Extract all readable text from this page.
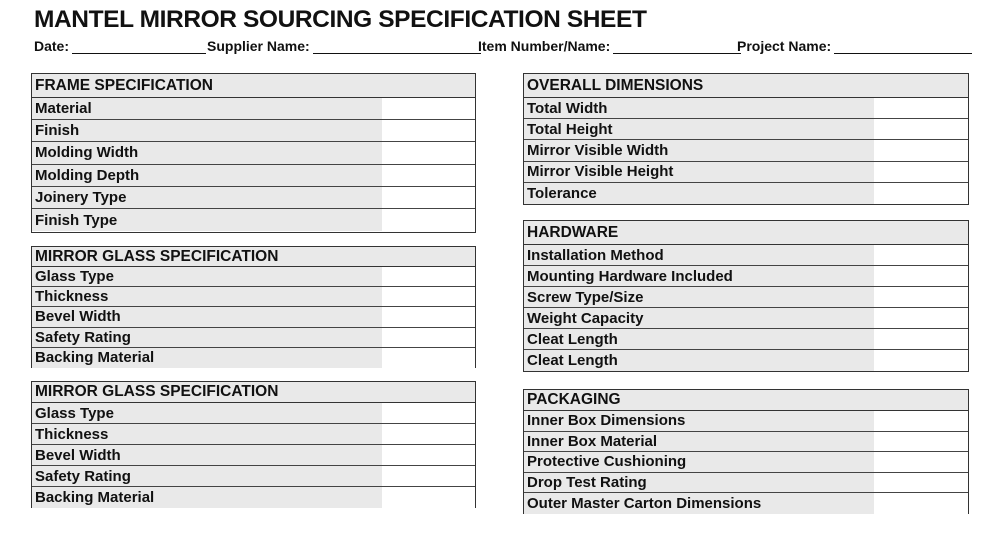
MANTEL MIRROR SOURCING SPECIFICATION SHEET
Date:	Supplier Name:	Item Number/Name:	Project Name:
FRAME SPECIFICATION
Material
Finish
Molding Width
Molding Depth
Joinery Type
Finish Type
MIRROR GLASS SPECIFICATION
Glass Type
Thickness
Bevel Width
Safety Rating
Backing Material
MIRROR GLASS SPECIFICATION
Glass Type
Thickness
Bevel Width
Safety Rating
Backing Material
OVERALL DIMENSIONS
Total Width
Total Height
Mirror Visible Width
Mirror Visible Height
Tolerance
HARDWARE
Installation Method
Mounting Hardware Included
Screw Type/Size
Weight Capacity
Cleat Length
Cleat Length
PACKAGING
Inner Box Dimensions
Inner Box Material
Protective Cushioning
Drop Test Rating
Outer Master Carton Dimensions
